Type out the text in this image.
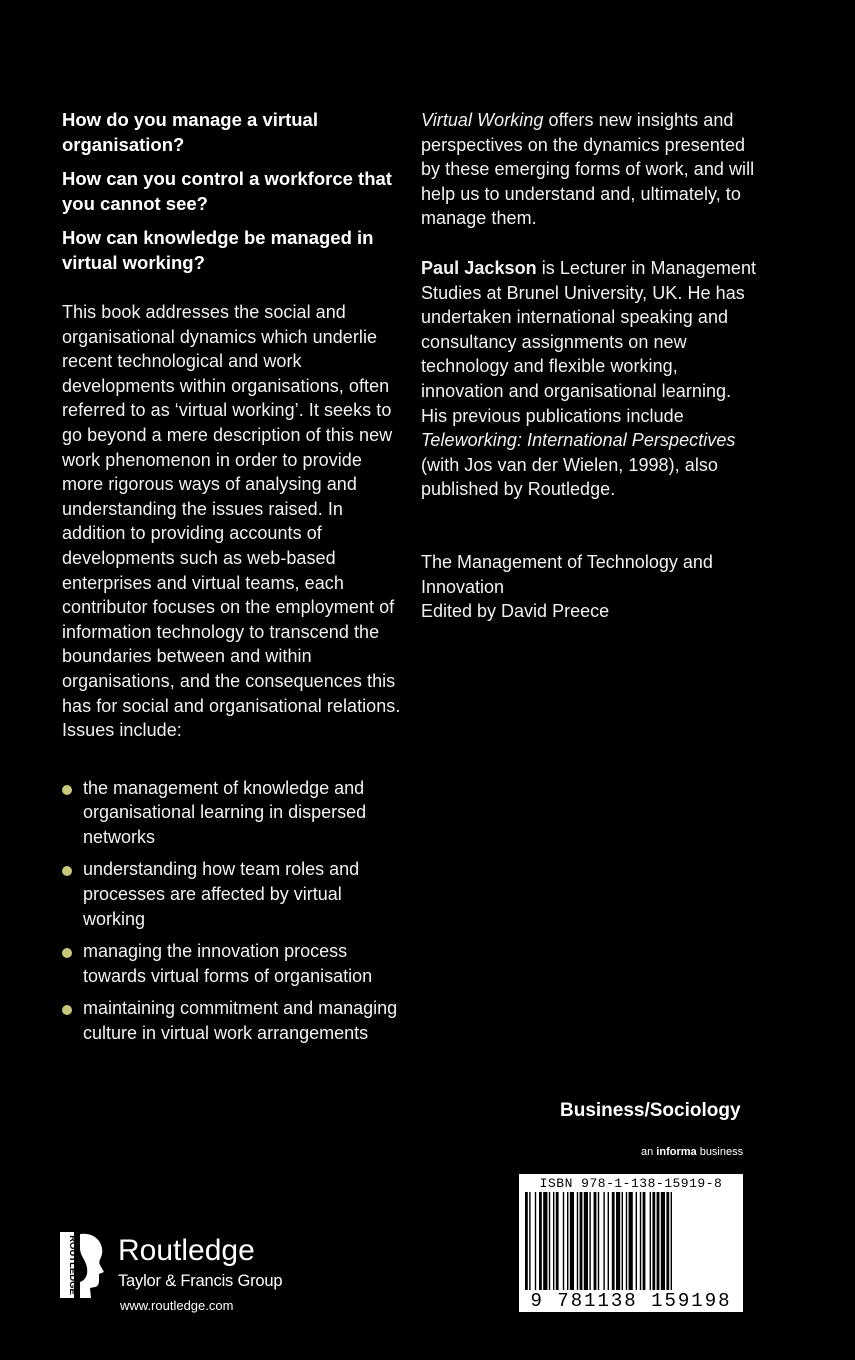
How do you manage a virtual organisation?

How can you control a workforce that you cannot see?

How can knowledge be managed in virtual working?

This book addresses the social and organisational dynamics which underlie recent technological and work developments within organisations, often referred to as ‘virtual working’. It seeks to go beyond a mere description of this new work phenomenon in order to provide more rigorous ways of analysing and understanding the issues raised. In addition to providing accounts of developments such as web-based enterprises and virtual teams, each contributor focuses on the employment of information technology to transcend the boundaries between and within organisations, and the consequences this has for social and organisational relations. Issues include:

the management of knowledge and organisational learning in dispersed networks
understanding how team roles and processes are affected by virtual working
managing the innovation process towards virtual forms of organisation
maintaining commitment and managing culture in virtual work arrangements

Virtual Working offers new insights and perspectives on the dynamics presented by these emerging forms of work, and will help us to understand and, ultimately, to manage them.

Paul Jackson is Lecturer in Management Studies at Brunel University, UK. He has undertaken international speaking and consultancy assignments on new technology and flexible working, innovation and organisational learning. His previous publications include Teleworking: International Perspectives (with Jos van der Wielen, 1998), also published by Routledge.

The Management of Technology and Innovation
Edited by David Preece
Business/Sociology
an informa business
ISBN 978-1-138-15919-8
9 781138 159198
ROUTLEDGE Routledge
Taylor & Francis Group
www.routledge.com
